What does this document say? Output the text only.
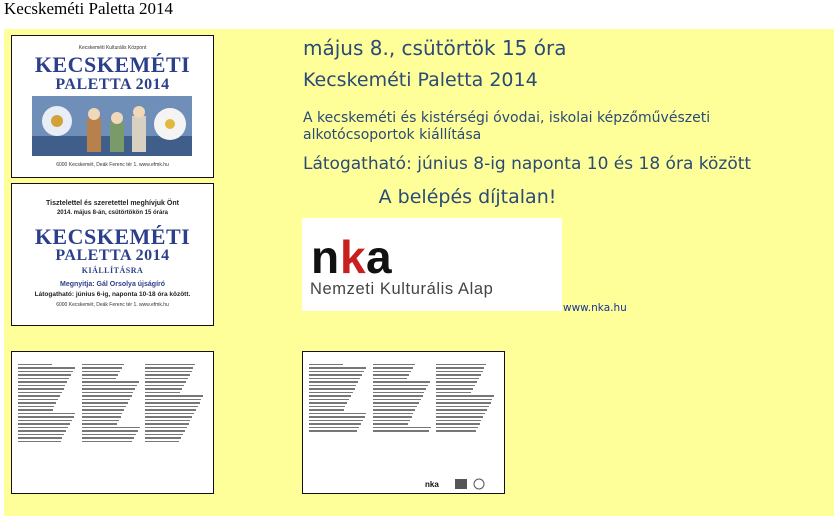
Kecskeméti Paletta 2014
Kecskeméti Kulturális Központ
KECSKEMÉTI
PALETTA 2014
6000 Kecskemét, Deák Ferenc tér 1. www.efmk.hu
Tisztelettel és szeretettel meghívjuk Önt
2014. május 8-án, csütörtökön 15 órára
KECSKEMÉTI
PALETTA 2014
KIÁLLÍTÁSRA
Megnyitja: Gál Orsolya újságíró
Látogatható: június 6-ig, naponta 10-18 óra között.
6000 Kecskemét, Deák Ferenc tér 1. www.efmk.hu
nka
május 8., csütörtök 15 óra
Kecskeméti Paletta 2014
A kecskeméti és kistérségi óvodai, iskolai képzőművészeti alkotócsoportok kiállítása
Látogatható: június 8-ig naponta 10 és 18 óra között
A belépés díjtalan!
n
k a
Nemzeti Kulturális Alap
www.nka.hu
